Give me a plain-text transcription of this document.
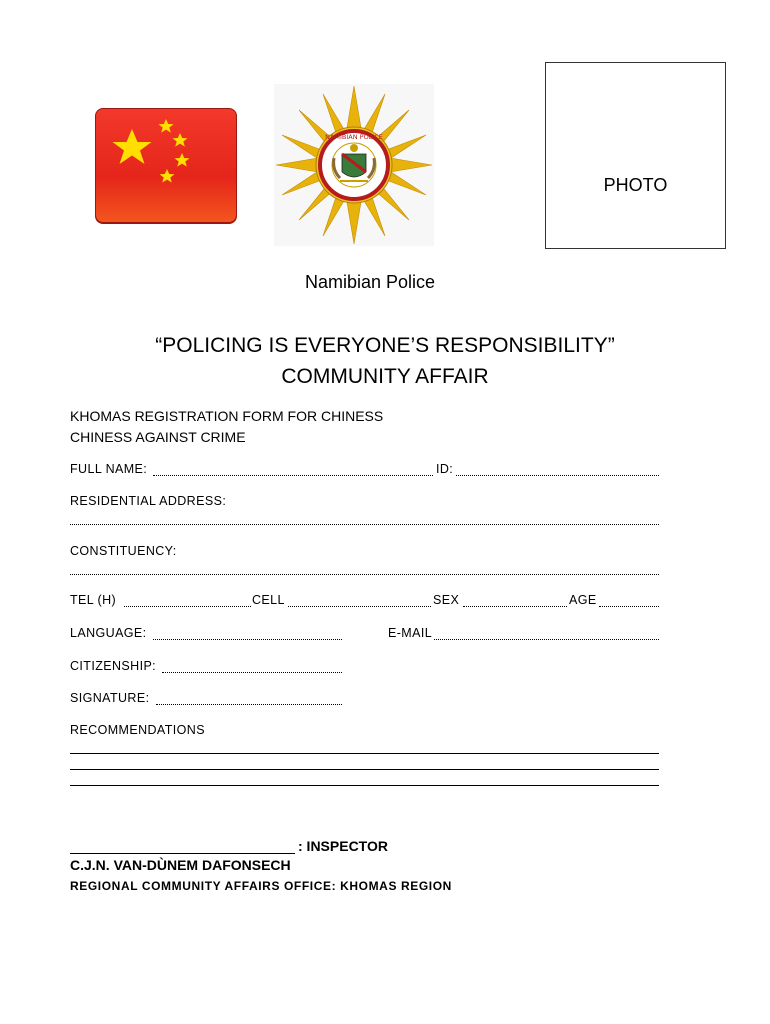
NAMIBIAN POLICE
PHOTO
Namibian Police
“POLICING IS EVERYONE’S RESPONSIBILITY”
COMMUNITY AFFAIR
KHOMAS REGISTRATION FORM FOR CHINESS
CHINESS AGAINST CRIME
FULL NAME:	ID:
RESIDENTIAL ADDRESS:
CONSTITUENCY:
TEL (H)	CELL	SEX	AGE
LANGUAGE:	E-MAIL
CITIZENSHIP:
SIGNATURE:
RECOMMENDATIONS
: INSPECTOR
C.J.N. VAN-DÙNEM DAFONSECH
REGIONAL COMMUNITY AFFAIRS OFFICE: KHOMAS REGION
